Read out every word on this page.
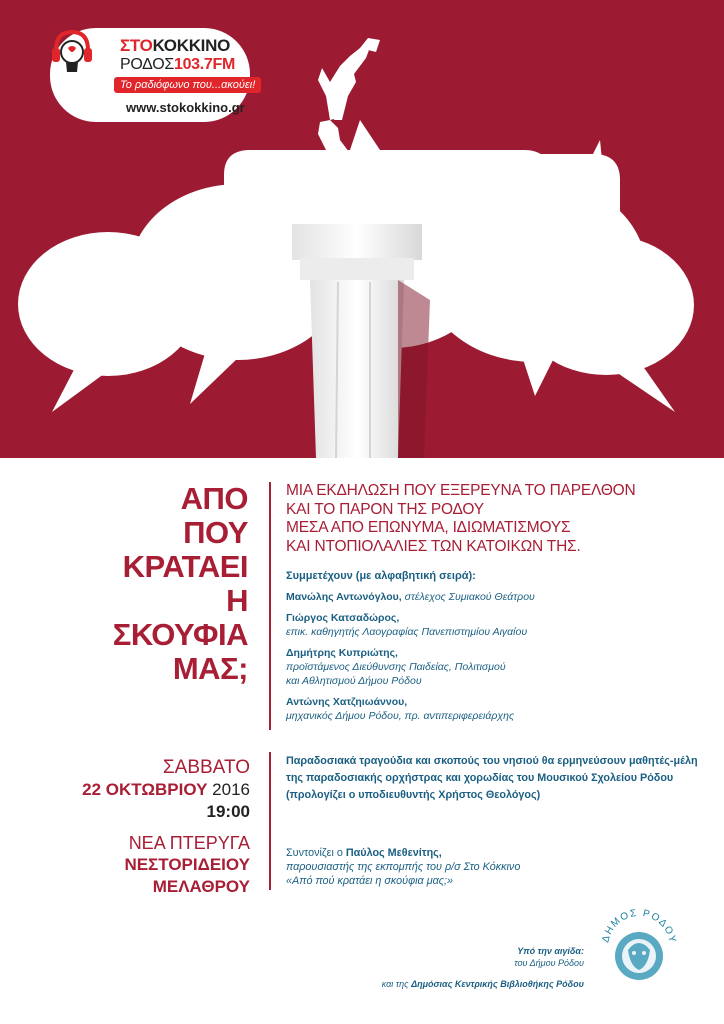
ΣΤΟΚΟΚΚΙΝΟ
ΡΟΔΟΣ103.7FM
Το ραδιόφωνο που...ακούει!
www.stokokkino.gr
ΑΠΟ
ΠΟΥ
ΚΡΑΤΑΕΙ
Η
ΣΚΟΥΦΙΑ
ΜΑΣ;
ΣΑΒΒΑΤΟ
22 ΟΚΤΩΒΡΙΟΥ 2016
19:00
ΝΕΑ ΠΤΕΡΥΓΑ
ΝΕΣΤΟΡΙΔΕΙΟΥ
ΜΕΛΑΘΡΟΥ
ΜΙΑ ΕΚΔΗΛΩΣΗ ΠΟΥ ΕΞΕΡΕΥΝΑ ΤΟ ΠΑΡΕΛΘΟΝ
ΚΑΙ ΤΟ ΠΑΡΟΝ ΤΗΣ ΡΟΔΟΥ
ΜΕΣΑ ΑΠΟ ΕΠΩΝΥΜΑ, ΙΔΙΩΜΑΤΙΣΜΟΥΣ
ΚΑΙ ΝΤΟΠΙΟΛΑΛΙΕΣ ΤΩΝ ΚΑΤΟΙΚΩΝ ΤΗΣ.
Συμμετέχουν (με αλφαβητική σειρά):
Μανώλης Αντωνόγλου, στέλεχος Συμιακού Θεάτρου
Γιώργος Κατσαδώρος,
επικ. καθηγητής Λαογραφίας Πανεπιστημίου Αιγαίου
Δημήτρης Κυπριώτης,
προϊστάμενος Διεύθυνσης Παιδείας, Πολιτισμού
και Αθλητισμού Δήμου Ρόδου
Αντώνης Χατζηιωάννου,
μηχανικός Δήμου Ρόδου, πρ. αντιπεριφερειάρχης
Παραδοσιακά τραγούδια και σκοπούς του νησιού θα ερμηνεύσουν μαθητές-μέλη της παραδοσιακής ορχήστρας και χορωδίας του Μουσικού Σχολείου Ρόδου (προλογίζει ο υποδιευθυντής Χρήστος Θεολόγος)
Συντονίζει ο Παύλος Μεθενίτης,
παρουσιαστής της εκπομπής του ρ/σ Στο Κόκκινο
«Από πού κρατάει η σκούφια μας;»
Υπό την αιγίδα:
του Δήμου Ρόδου
και της Δημόσιας Κεντρικής Βιβλιοθήκης Ρόδου
ΔΗΜΟΣ ΡΟΔΟΥ
